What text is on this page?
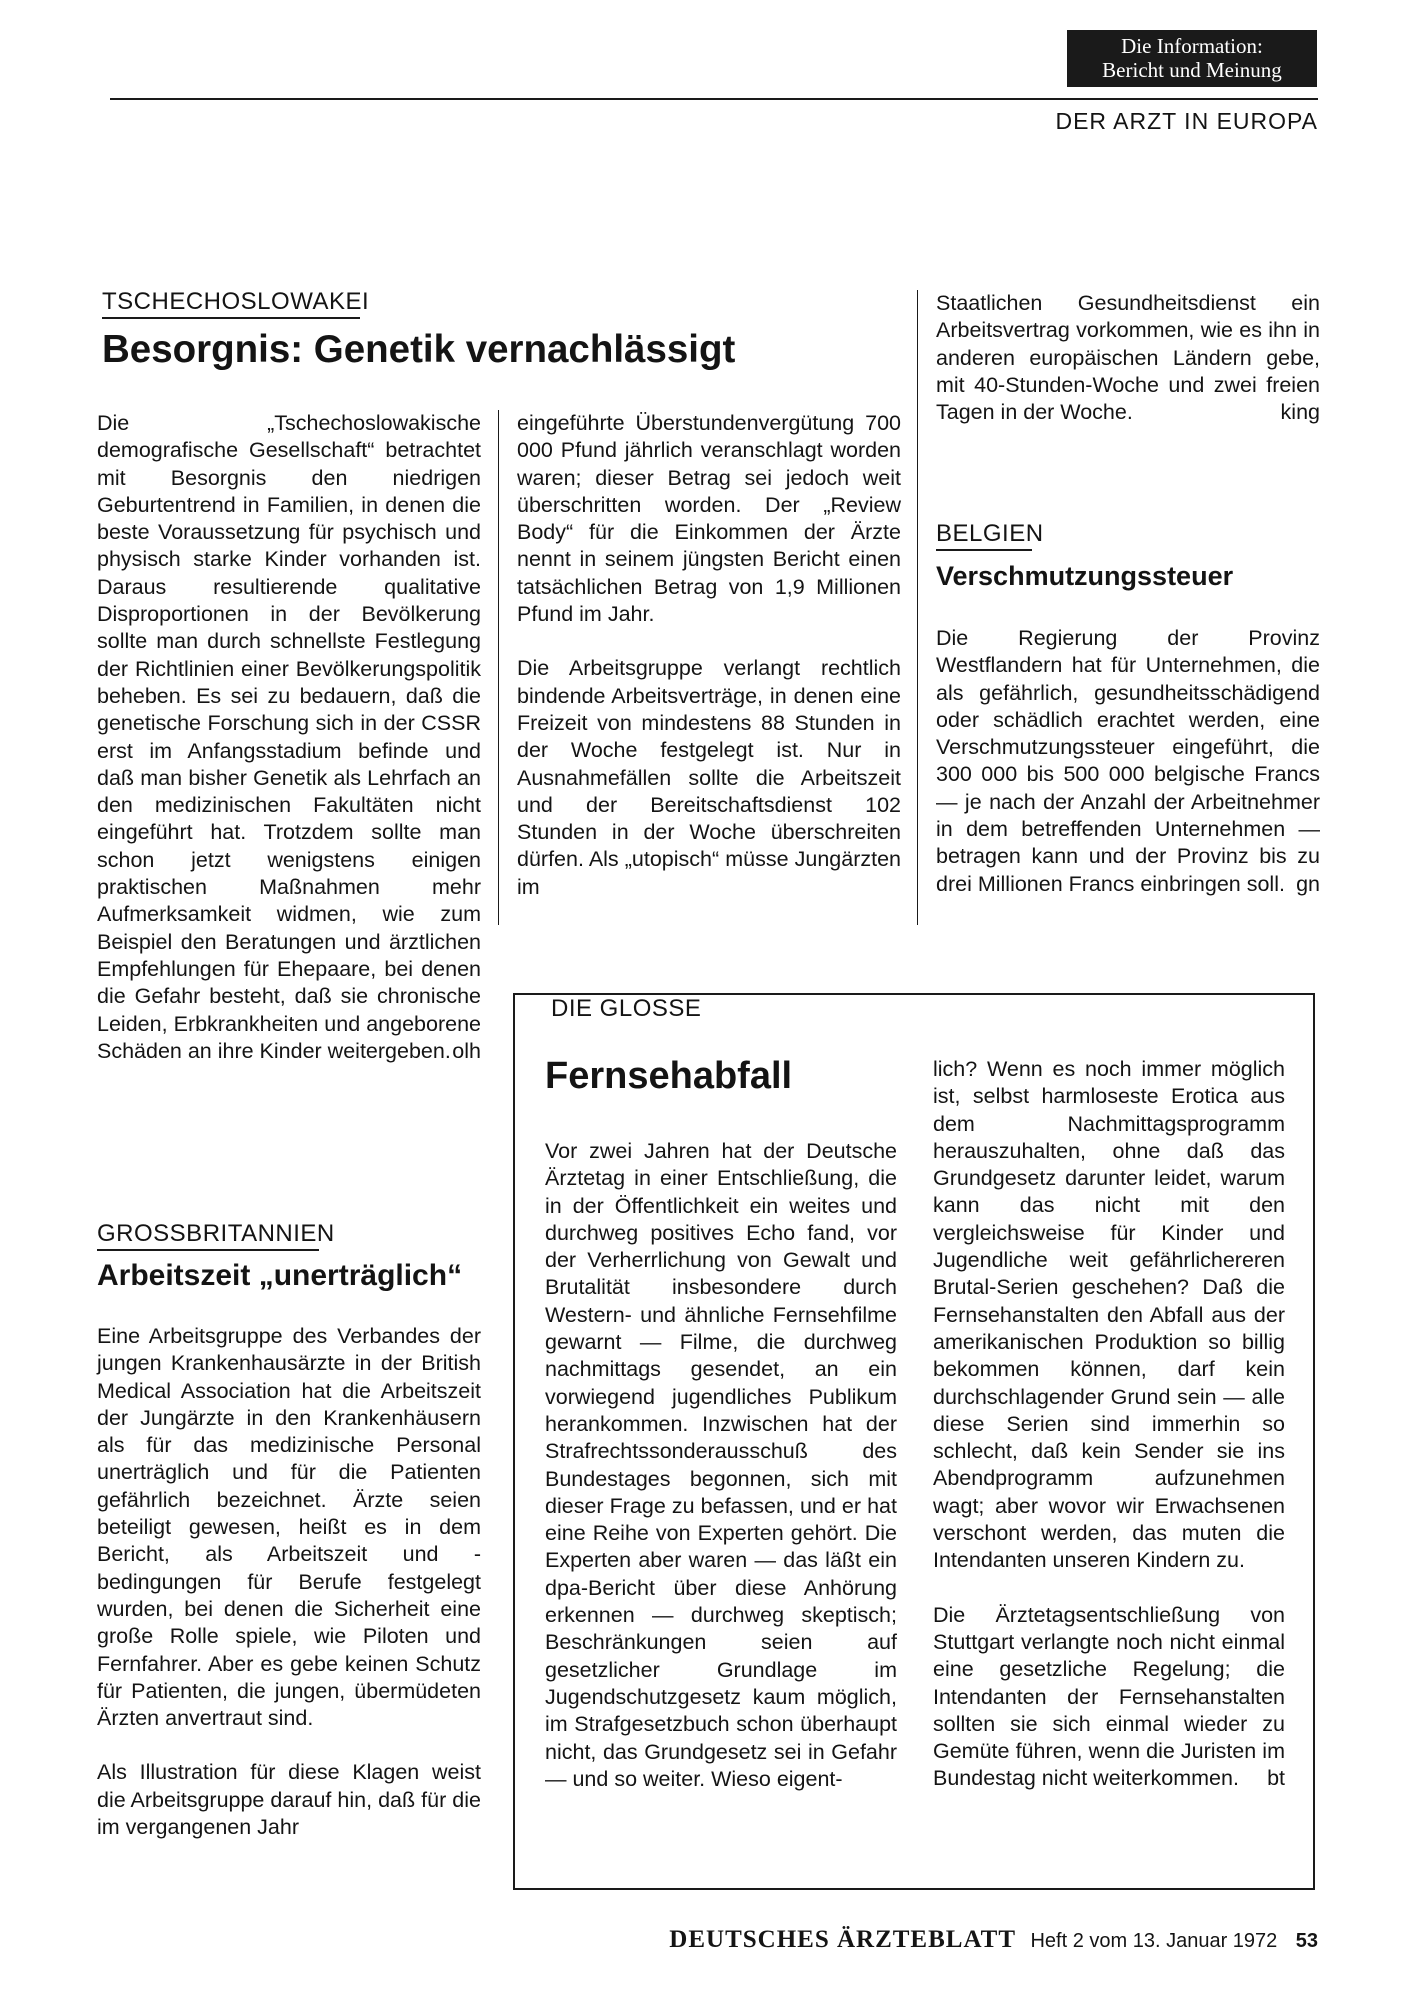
Die Information:
Bericht und Meinung
DER ARZT IN EUROPA
TSCHECHOSLOWAKEI
Besorgnis: Genetik vernachlässigt

Die „Tschechoslowakische demografische Gesellschaft“ betrachtet mit Besorgnis den niedrigen Geburtentrend in Familien, in denen die beste Voraussetzung für psychisch und physisch starke Kinder vorhanden ist. Daraus resultierende qualitative Disproportionen in der Bevölkerung sollte man durch schnellste Festlegung der Richtlinien einer Bevölkerungspolitik beheben. Es sei zu bedauern, daß die genetische Forschung sich in der CSSR erst im Anfangsstadium befinde und daß man bisher Genetik als Lehrfach an den medizinischen Fakultäten nicht eingeführt hat. Trotzdem sollte man schon jetzt wenigstens einigen praktischen Maßnahmen mehr Aufmerksamkeit widmen, wie zum Beispiel den Beratungen und ärztlichen Empfehlungen für Ehepaare, bei denen die Gefahr besteht, daß sie chronische Leiden, Erbkrankheiten und angeborene Schäden an ihre Kinder weitergeben. olh

GROSSBRITANNIEN
Arbeitszeit „unerträglich“

Eine Arbeitsgruppe des Verbandes der jungen Krankenhausärzte in der British Medical Association hat die Arbeitszeit der Jungärzte in den Krankenhäusern als für das medizinische Personal unerträglich und für die Patienten gefährlich bezeichnet. Ärzte seien beteiligt gewesen, heißt es in dem Bericht, als Arbeitszeit und -bedingungen für Berufe festgelegt wurden, bei denen die Sicherheit eine große Rolle spiele, wie Piloten und Fernfahrer. Aber es gebe keinen Schutz für Patienten, die jungen, übermüdeten Ärzten anvertraut sind.

Als Illustration für diese Klagen weist die Arbeitsgruppe darauf hin, daß für die im vergangenen Jahr

eingeführte Überstundenvergütung 700 000 Pfund jährlich veranschlagt worden waren; dieser Betrag sei jedoch weit überschritten worden. Der „Review Body“ für die Einkommen der Ärzte nennt in seinem jüngsten Bericht einen tatsächlichen Betrag von 1,9 Millionen Pfund im Jahr.

Die Arbeitsgruppe verlangt rechtlich bindende Arbeitsverträge, in denen eine Freizeit von mindestens 88 Stunden in der Woche festgelegt ist. Nur in Ausnahmefällen sollte die Arbeitszeit und der Bereitschaftsdienst 102 Stunden in der Woche überschreiten dürfen. Als „utopisch“ müsse Jungärzten im

Staatlichen Gesundheitsdienst ein Arbeitsvertrag vorkommen, wie es ihn in anderen europäischen Ländern gebe, mit 40-Stunden-Woche und zwei freien Tagen in der Woche.	king

BELGIEN
Verschmutzungssteuer

Die Regierung der Provinz Westflandern hat für Unternehmen, die als gefährlich, gesundheitsschädigend oder schädlich erachtet werden, eine Verschmutzungssteuer eingeführt, die 300 000 bis 500 000 belgische Francs — je nach der Anzahl der Arbeitnehmer in dem betreffenden Unternehmen — betragen kann und der Provinz bis zu drei Millionen Francs einbringen soll. gn

DIE GLOSSE
Fernsehabfall

Vor zwei Jahren hat der Deutsche Ärztetag in einer Entschließung, die in der Öffentlichkeit ein weites und durchweg positives Echo fand, vor der Verherrlichung von Gewalt und Brutalität insbesondere durch Western- und ähnliche Fernsehfilme gewarnt — Filme, die durchweg nachmittags gesendet, an ein vorwiegend jugendliches Publikum herankommen. Inzwischen hat der Strafrechtssonderausschuß des Bundestages begonnen, sich mit dieser Frage zu befassen, und er hat eine Reihe von Experten gehört. Die Experten aber waren — das läßt ein dpa-Bericht über diese Anhörung erkennen — durchweg skeptisch; Beschränkungen seien auf gesetzlicher Grundlage im Jugendschutzgesetz kaum möglich, im Strafgesetzbuch schon überhaupt nicht, das Grundgesetz sei in Gefahr — und so weiter. Wieso eigent-

lich? Wenn es noch immer möglich ist, selbst harmloseste Erotica aus dem Nachmittagsprogramm herauszuhalten, ohne daß das Grundgesetz darunter leidet, warum kann das nicht mit den vergleichsweise für Kinder und Jugendliche weit gefährlichereren Brutal-Serien geschehen? Daß die Fernsehanstalten den Abfall aus der amerikanischen Produktion so billig bekommen können, darf kein durchschlagender Grund sein — alle diese Serien sind immerhin so schlecht, daß kein Sender sie ins Abendprogramm aufzunehmen wagt; aber wovor wir Erwachsenen verschont werden, das muten die Intendanten unseren Kindern zu.

Die Ärztetagsentschließung von Stuttgart verlangte noch nicht einmal eine gesetzliche Regelung; die Intendanten der Fernsehanstalten sollten sie sich einmal wieder zu Gemüte führen, wenn die Juristen im Bundestag nicht weiterkommen. bt

DEUTSCHES ÄRZTEBLATT Heft 2 vom 13. Januar 1972 53
